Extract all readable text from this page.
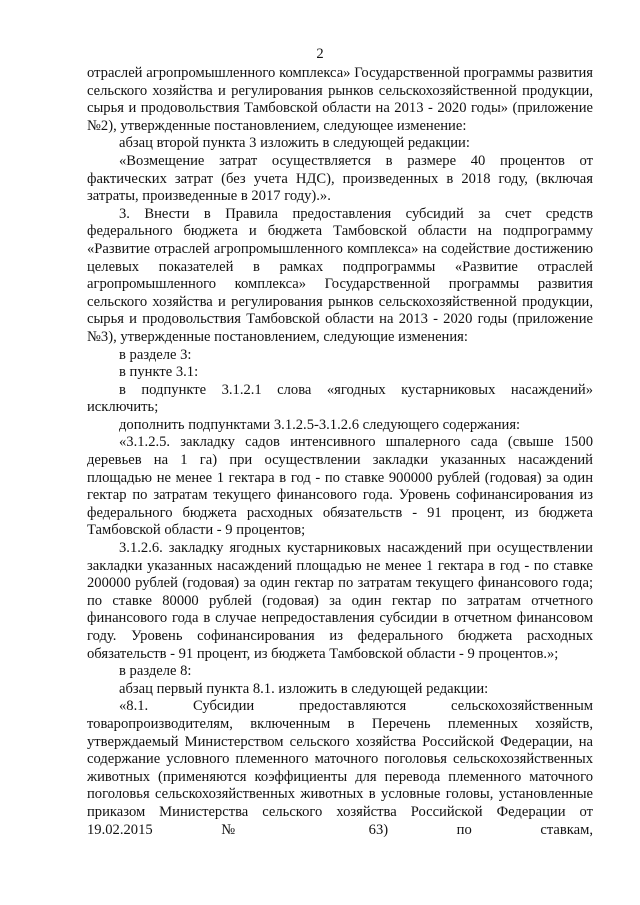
2

отраслей агропромышленного комплекса» Государственной программы развития сельского хозяйства и регулирования рынков сельскохозяйственной продукции, сырья и продовольствия Тамбовской области на 2013 - 2020 годы» (приложение №2), утвержденные постановлением, следующее изменение:

абзац второй пункта 3 изложить в следующей редакции:

«Возмещение затрат осуществляется в размере 40 процентов от фактических затрат (без учета НДС), произведенных в 2018 году, (включая затраты, произведенные в 2017 году).».

3. Внести в Правила предоставления субсидий за счет средств федерального бюджета и бюджета Тамбовской области на подпрограмму «Развитие отраслей агропромышленного комплекса» на содействие достижению целевых показателей в рамках подпрограммы «Развитие отраслей агропромышленного комплекса» Государственной программы развития сельского хозяйства и регулирования рынков сельскохозяйственной продукции, сырья и продовольствия Тамбовской области на 2013 - 2020 годы (приложение №3), утвержденные постановлением, следующие изменения:

в разделе 3:

в пункте 3.1:

в подпункте 3.1.2.1 слова «ягодных кустарниковых насаждений» исключить;

дополнить подпунктами 3.1.2.5-3.1.2.6 следующего содержания:

«3.1.2.5. закладку садов интенсивного шпалерного сада (свыше 1500 деревьев на 1 га) при осуществлении закладки указанных насаждений площадью не менее 1 гектара в год - по ставке 900000 рублей (годовая) за один гектар по затратам текущего финансового года. Уровень софинансирования из федерального бюджета расходных обязательств - 91 процент, из бюджета Тамбовской области - 9 процентов;

3.1.2.6. закладку ягодных кустарниковых насаждений при осуществлении закладки указанных насаждений площадью не менее 1 гектара в год - по ставке 200000 рублей (годовая) за один гектар по затратам текущего финансового года; по ставке 80000 рублей (годовая) за один гектар по затратам отчетного финансового года в случае непредоставления субсидии в отчетном финансовом году. Уровень софинансирования из федерального бюджета расходных обязательств - 91 процент, из бюджета Тамбовской области - 9 процентов.»;

в разделе 8:

абзац первый пункта 8.1. изложить в следующей редакции:

«8.1. Субсидии предоставляются сельскохозяйственным товаропроизводителям, включенным в Перечень племенных хозяйств, утверждаемый Министерством сельского хозяйства Российской Федерации, на содержание условного племенного маточного поголовья сельскохозяйственных животных (применяются коэффициенты для перевода племенного маточного поголовья сельскохозяйственных животных в условные головы, установленные приказом Министерства сельского хозяйства Российской Федерации от 19.02.2015 № 63) по ставкам,
